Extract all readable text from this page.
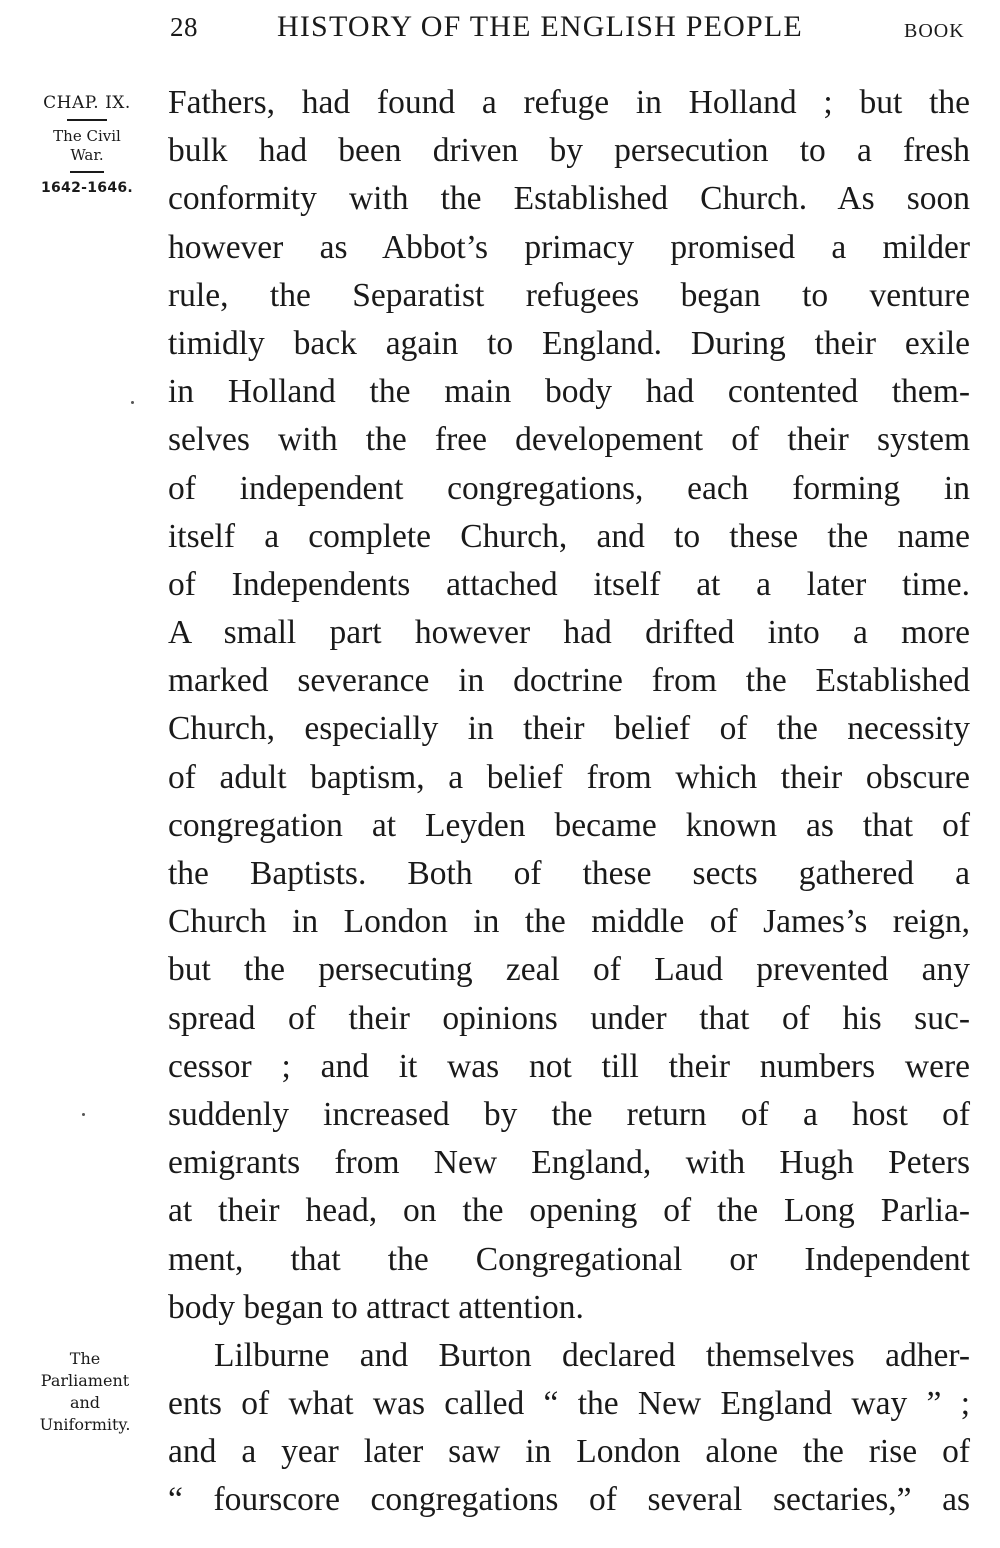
28	HISTORY OF THE ENGLISH PEOPLE	BOOK
CHAP. IX.
The Civil
War.
1642-1646.
The
Parliament
and
Uniformity.
Fathers, had found a refuge in Holland ; but the
bulk had been driven by persecution to a fresh
conformity with the Established Church. As soon
however as Abbot’s primacy promised a milder
rule, the Separatist refugees began to venture
timidly back again to England. During their exile
in Holland the main body had contented them-
selves with the free developement of their system
of independent congregations, each forming in
itself a complete Church, and to these the name
of Independents attached itself at a later time.
A small part however had drifted into a more
marked severance in doctrine from the Established
Church, especially in their belief of the necessity
of adult baptism, a belief from which their obscure
congregation at Leyden became known as that of
the Baptists. Both of these sects gathered a
Church in London in the middle of James’s reign,
but the persecuting zeal of Laud prevented any
spread of their opinions under that of his suc-
cessor ; and it was not till their numbers were
suddenly increased by the return of a host of
emigrants from New England, with Hugh Peters
at their head, on the opening of the Long Parlia-
ment, that the Congregational or Independent
body began to attract attention.
Lilburne and Burton declared themselves adher-
ents of what was called “ the New England way ” ;
and a year later saw in London alone the rise of
“ fourscore congregations of several sectaries,” as
